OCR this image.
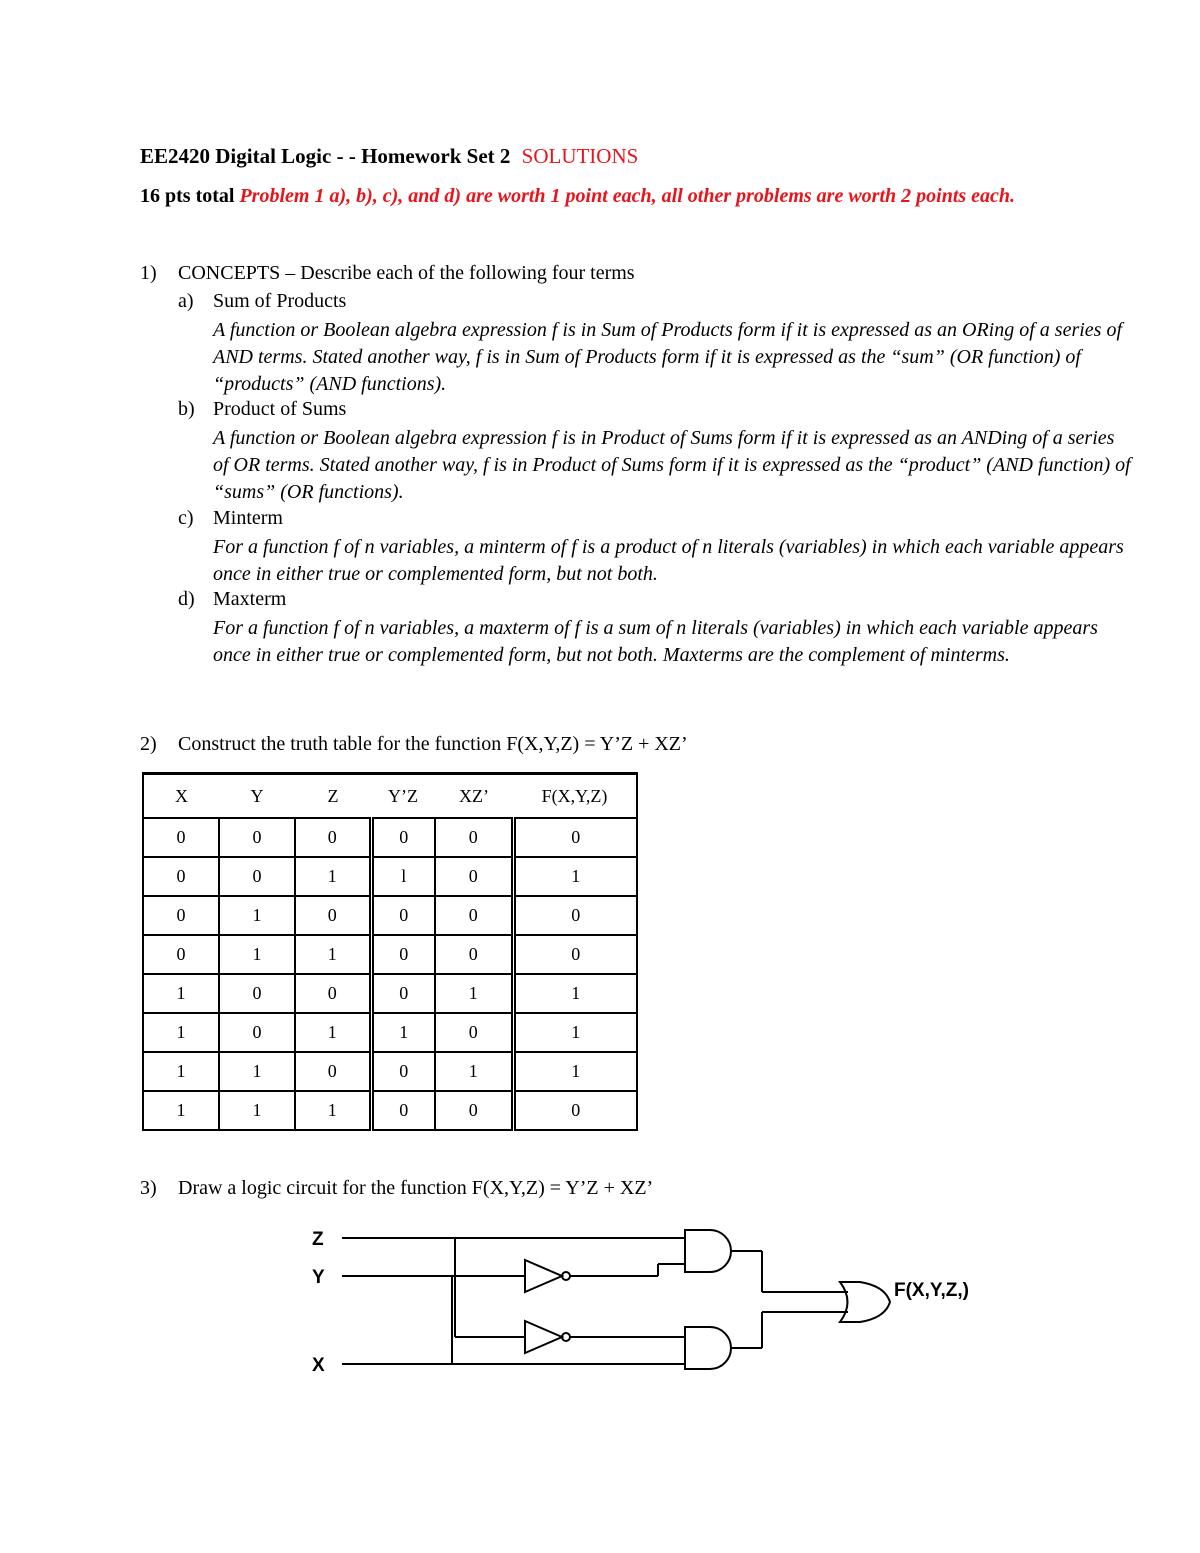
EE2420 Digital Logic - - Homework Set 2 SOLUTIONS
16 pts total Problem 1 a), b), c), and d) are worth 1 point each, all other problems are worth 2 points each.
1) CONCEPTS – Describe each of the following four terms
a) Sum of Products
A function or Boolean algebra expression f is in Sum of Products form if it is expressed as an ORing of a series of AND terms. Stated another way, f is in Sum of Products form if it is expressed as the “sum” (OR function) of “products” (AND functions).
b) Product of Sums
A function or Boolean algebra expression f is in Product of Sums form if it is expressed as an ANDing of a series of OR terms. Stated another way, f is in Product of Sums form if it is expressed as the “product” (AND function) of “sums” (OR functions).
c) Minterm
For a function f of n variables, a minterm of f is a product of n literals (variables) in which each variable appears once in either true or complemented form, but not both.
d) Maxterm
For a function f of n variables, a maxterm of f is a sum of n literals (variables) in which each variable appears once in either true or complemented form, but not both. Maxterms are the complement of minterms.
2) Construct the truth table for the function F(X,Y,Z) = Y’Z + XZ’
X	Y	Z	Y’Z	XZ’	F(X,Y,Z)
0	0	0	0	0	0
0	0	1	l	0	1
0	1	0	0	0	0
0	1	1	0	0	0
1	0	0	0	1	1
1	0	1	1	0	1
1	1	0	0	1	1
1	1	1	0	0	0
3) Draw a logic circuit for the function F(X,Y,Z) = Y’Z + XZ’
Z
Y
X
F(X,Y,Z,)
